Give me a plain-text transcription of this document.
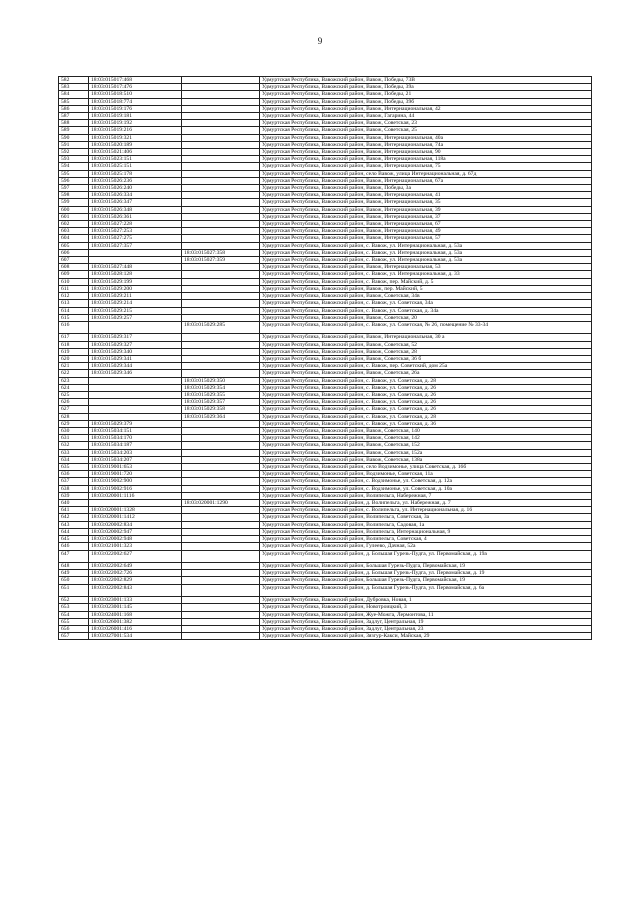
9
582	18:03:015017:468		Удмуртская Республика, Вавожский район, Вавож, Победы, 73В
583	18:03:015017:476		Удмуртская Республика, Вавожский район, Вавож, Победы, 39а
584	18:03:015018:510		Удмуртская Республика, Вавожский район, Вавож, Победы, 21
585	18:03:015018:774		Удмуртская Республика, Вавожский район, Вавож, Победы, 39б
586	18:03:015019:176		Удмуртская Республика, Вавожский район, Вавож, Интернациональная, 42
587	18:03:015019:181		Удмуртская Республика, Вавожский район, Вавож, Гагарина, 44
588	18:03:015019:192		Удмуртская Республика, Вавожский район, Вавож, Советская, 23
589	18:03:015019:216		Удмуртская Республика, Вавожский район, Вавож, Советская, 25
590	18:03:015019:321		Удмуртская Республика, Вавожский район, Вавож, Интернациональная, 40а
591	18:03:015020:189		Удмуртская Республика, Вавожский район, Вавож, Интернациональная, 74а
592	18:03:015021:406		Удмуртская Республика, Вавожский район, Вавож, Интернациональная, 90
593	18:03:015023:151		Удмуртская Республика, Вавожский район, Вавож, Интернациональная, 118а
594	18:03:015025:151		Удмуртская Республика, Вавожский район, Вавож, Интернациональная, 75
595	18:03:015025:178		Удмуртская Республика, Вавожский район, село Вавож, улица Интернациональная, д. 67д
596	18:03:015026:236		Удмуртская Республика, Вавожский район, Вавож, Интернациональная, 67а
597	18:03:015026:240		Удмуртская Республика, Вавожский район, Вавож, Победы, 3а
598	18:03:015026:334		Удмуртская Республика, Вавожский район, Вавож, Интернациональная, 41
599	18:03:015026:347		Удмуртская Республика, Вавожский район, Вавож, Интернациональная, 35
600	18:03:015026:348		Удмуртская Республика, Вавожский район, Вавож, Интернациональная, 39
601	18:03:015026:361		Удмуртская Республика, Вавожский район, Вавож, Интернациональная, 37
602	18:03:015027:228		Удмуртская Республика, Вавожский район, Вавож, Интернациональная, 67
603	18:03:015027:253		Удмуртская Республика, Вавожский район, Вавож, Интернациональная, 49
604	18:03:015027:275		Удмуртская Республика, Вавожский район, Вавож, Интернациональная, 57
605	18:03:015027:357		Удмуртская Республика, Вавожский район, с. Вавож, ул. Интернациональная, д. 53а
606		18:03:015027:358	Удмуртская Республика, Вавожский район, с. Вавож, ул. Интернациональная, д. 53а
607		18:03:015027:359	Удмуртская Республика, Вавожский район, с. Вавож, ул. Интернациональная, д. 53а
608	18:03:015027:448		Удмуртская Республика, Вавожский район, Вавож, Интернациональная, 53
609	18:03:015028:128		Удмуртская Республика, Вавожский район, с. Вавож, ул. Интернациональная, д. 33
610	18:03:015029:199		Удмуртская Республика, Вавожский район, с. Вавож, пер. Майский, д. 5
611	18:03:015029:200		Удмуртская Республика, Вавожский район, Вавож, пер. Майский, 5
612	18:03:015029:211		Удмуртская Республика, Вавожский район, Вавож, Советская, 34в
613	18:03:015029:214		Удмуртская Республика, Вавожский район, с. Вавож, ул. Советская, 34а
614	18:03:015029:215		Удмуртская Республика, Вавожский район, с. Вавож, ул. Советская, д. 34а
615	18:03:015029:257		Удмуртская Республика, Вавожский район, Вавож, Советская, 20
616		18:03:015029:285	Удмуртская Республика, Вавожский район, с. Вавож, ул. Советская, № 26, помещение № 33-34
617	18:03:015029:317		Удмуртская Республика, Вавожский район, Вавож, Интернациональная, 30 а
618	18:03:015029:327		Удмуртская Республика, Вавожский район, Вавож, Советская, 52
619	18:03:015029:340		Удмуртская Республика, Вавожский район, Вавож, Советская, 28
620	18:03:015029:341		Удмуртская Республика, Вавожский район, Вавож, Советская, 36 б
621	18:03:015029:344		Удмуртская Республика, Вавожский район, с. Вавож, пер. Советский, дом 25а
622	18:03:015029:346		Удмуртская Республика, Вавожский район, Вавож, Советская, 26а
623		18:03:015029:350	Удмуртская Республика, Вавожский район, с. Вавож, ул. Советская, д. 28
624		18:03:015029:354	Удмуртская Республика, Вавожский район, с. Вавож, ул. Советская, д. 26
625		18:03:015029:355	Удмуртская Республика, Вавожский район, с. Вавож, ул. Советская, д. 26
626		18:03:015029:357	Удмуртская Республика, Вавожский район, с. Вавож, ул. Советская, д. 26
627		18:03:015029:358	Удмуртская Республика, Вавожский район, с. Вавож, ул. Советская, д. 26
628		18:03:015029:364	Удмуртская Республика, Вавожский район, с. Вавож, ул. Советская, д. 28
629	18:03:015029:379		Удмуртская Республика, Вавожский район, с. Вавож, ул. Советская, д. 36
630	18:03:015034:151		Удмуртская Республика, Вавожский район, Вавож, Советская, 140
631	18:03:015034:170		Удмуртская Республика, Вавожский район, Вавож, Советская, 142
632	18:03:015034:187		Удмуртская Республика, Вавожский район, Вавож, Советская, 152
633	18:03:015034:203		Удмуртская Республика, Вавожский район, Вавож, Советская, 152а
634	18:03:015034:207		Удмуртская Республика, Вавожский район, Вавож, Советская, 138а
635	18:03:019001:653		Удмуртская Республика, Вавожский район, село Водзимонье, улица Советская, д. 16б
636	18:03:019001:720		Удмуртская Республика, Вавожский район, Водзимонье, Советская, 11а
637	18:03:019002:900		Удмуртская Республика, Вавожский район, с. Водзимонье, ул. Советская, д. 12а
638	18:03:019002:916		Удмуртская Республика, Вавожский район, с. Водзимонье, ул. Советская, д. 10а
639	18:03:020001:1116		Удмуртская Республика, Вавожский район, Волипельга, Набережная, 7
640		18:03:020001:1290	Удмуртская Республика, Вавожский район, д. Волипельга, ул. Набережная, д. 7
641	18:03:020001:1328		Удмуртская Республика, Вавожский район, с. Волипельга, ул. Интернациональная, д. 16
642	18:03:020001:1412		Удмуртская Республика, Вавожский район, Волипельга, Советская, 3а
643	18:03:020002:834		Удмуртская Республика, Вавожский район, Волипельга, Садовая, 1а
644	18:03:020002:947		Удмуртская Республика, Вавожский район, Волипельга, Интернациональная, 9
645	18:03:020002:948		Удмуртская Республика, Вавожский район, Волипельга, Советская, 4
646	18:03:021001:323		Удмуртская Республика, Вавожский район, Гулеево, Дачная, 52а
647	18:03:022002:627		Удмуртская Республика, Вавожский район, д. Большая Гурезь-Пудга, ул. Первомайская, д. 19а
648	18:03:022002:649		Удмуртская Республика, Вавожский район, Большая Гурезь-Пудга, Первомайская, 19
649	18:03:022002:726		Удмуртская Республика, Вавожский район, д. Большая Гурезь-Пудга, ул. Первомайская, д. 19
650	18:03:022002:829		Удмуртская Республика, Вавожский район, Большая Гурезь-Пудга, Первомайская, 19
651	18:03:022002:843		Удмуртская Республика, Вавожский район, д. Большая Гурезь-Пудга, ул. Первомайская, д. 6а
652	18:03:023001:133		Удмуртская Республика, Вавожский район, Дубровка, Новая, 1
653	18:03:023001:145		Удмуртская Республика, Вавожский район, Новотроицкий, 3
654	18:03:024001:168		Удмуртская Республика, Вавожский район, Жуе-Можга, Лермонтова, 11
655	18:03:026001:382		Удмуртская Республика, Вавожский район, Задлуг, Центральная, 19
656	18:03:026001:416		Удмуртская Республика, Вавожский район, Задлуг, Центральная, 23
657	18:03:027001:534		Удмуртская Республика, Вавожский район, Зязгур-Какси, Майская, 29
